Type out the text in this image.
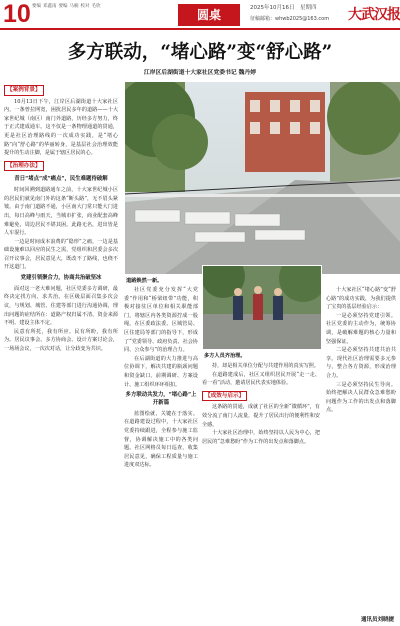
10 要编 邓鑫南 要编 马楠 校对 毛欣
圆桌	2025年10月16日　星期四 大武汉报
征稿邮箱：whwb2025@163.com
多方联动，“堵心路”变“舒心路”
江岸区后湖街道十大家社区党委书记 魏丹婷
多方人员齐治理。
【案例背景】

10月13日下午，江岸区后湖街道十大家社区内，一条曾拉网宽，困扰居民多年的道路——十大家世纪城（南区）南门外道路，历经多方努力，终于正式建成通车。这不仅是一条物理通道的贯通，更是社区治理路线的一次成功实践，是“堵心路”向“舒心路”的华丽转身，是基层社会治理效能提升的生动注脚，是属于辖区居民的心。

【治理办法】

昔日“堵点”成“痛点”，民生难题待破解

时间回溯到道路通车之前，十大家世纪城小区的居民们就见南门外的这条“断头路”，无不眉头紧皱。由于南门道路不通，小区南大门常只能大门进出，每日高峰与雨天，当城市扩张，商业配套高峰难避免，周边居民不堪其困。此路无名，进出皆是人车混行。

一边是时间成本浪费的“隐形”之痛，一边是基础设施难以回应的民生之需，党组织和居委会多次召开议事会，居民意见大，既改不了路线，也绕不开这道门。

党建引领聚合力，协商共治破坚冰

面对这一老大难问题，社区党委多方调研，最终决定找方向、求共治。在区级层面召集多次会议，与规划、城管、住建等部门进行沟通协调，理出问题的症结所在：道路产权归属不清、资金来源不明、建设主体不定。

民意有所托，我有所应。民有所盼，我有所为。居民议事会、多方协商会、设计方案讨论会，一场场会议，一次次对话，让分歧变为共识。

社区党委充分发挥“大党委”作用和“桥梁纽带”功能，积极对接驻区单位和相关职能部门，将辖区内各类资源拧成一股绳。在区委政法委、区城管局、区住建局等部门的指导下，形成了“党委领导、政府负责、社会协同、公众参与”的治理合力。

在后湖街道的大力推进与高位协调下，解决共建的瓶颈问题和资金缺口。前期调研、方案设计、施工组织环环相扣。

多方联动共发力，“堵心路”上开新篇

蓝图绘就，关键在于落实。在道路建设过程中，十大家社区党委持续跟进，全程参与施工监督，协调解决施工中的各类问题。社区网格员每日巡查，收集居民意见，确保工程质量与施工进度双达标。

持，却是相关单位分配与共建作用的真实写照。

在道路建成后，社区又组织居民开展“走一走、看一看”活动，邀请居民代表实地体验。

【成效与启示】

这条路的贯通，成就了社区的全新“微循环”，有效分流了南门人流量，提升了居民出行的便利性和安全感。

十大家社区治理中，始终坚持以人民为中心，把居民的“急难愁盼”作为工作的出发点和落脚点。

十大家社区“堵心路”变“舒心路”的成功实践，为我们提供了宝贵的基层经验启示：

一是必须坚持党建引领。社区党委的主动作为，统筹协调，是破解难题的核心力量和坚强保证。

二是必须坚持共建共治共享。现代社区治理需要多元参与，整合各方资源，形成治理合力。

三是必须坚持民生导向。始终把解决人民群众急难愁盼问题作为工作的出发点和落脚点。

道路焕然一新。
通讯员刘晓捷
